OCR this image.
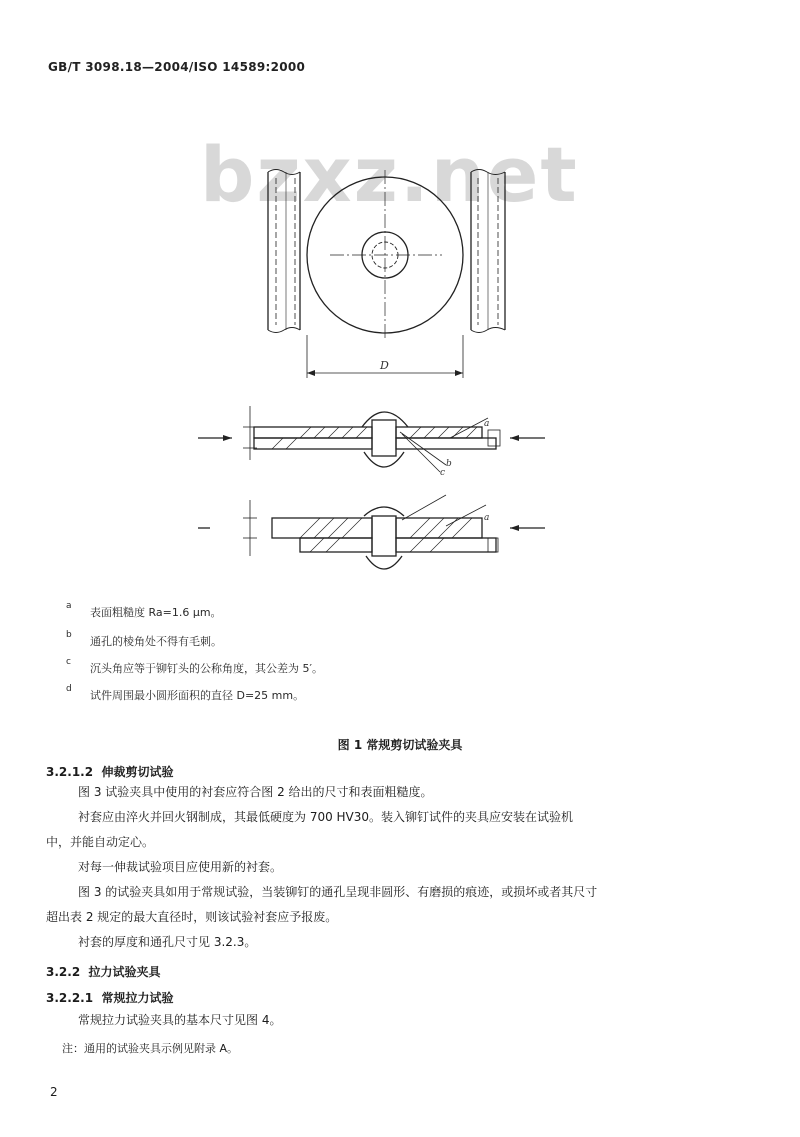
GB/T 3098.18—2004/ISO 14589:2000
bzxz.net
D
a
b
c
a
a 表面粗糙度 Ra=1.6 μm。
b 通孔的棱角处不得有毛刺。
c 沉头角应等于铆钉头的公称角度，其公差为 5′。
d 试件周围最小圆形面积的直径 D=25 mm。
图 1 常规剪切试验夹具
3.2.1.2 伸裁剪切试验
图 3 试验夹具中使用的衬套应符合图 2 给出的尺寸和表面粗糙度。
衬套应由淬火并回火钢制成，其最低硬度为 700 HV30。装入铆钉试件的夹具应安装在试验机
中，并能自动定心。
对每一伸裁试验项目应使用新的衬套。
图 3 的试验夹具如用于常规试验，当装铆钉的通孔呈现非圆形、有磨损的痕迹，或损坏或者其尺寸
超出表 2 规定的最大直径时，则该试验衬套应予报废。
衬套的厚度和通孔尺寸见 3.2.3。
3.2.2 拉力试验夹具
3.2.2.1 常规拉力试验
常规拉力试验夹具的基本尺寸见图 4。
注：通用的试验夹具示例见附录 A。
2
